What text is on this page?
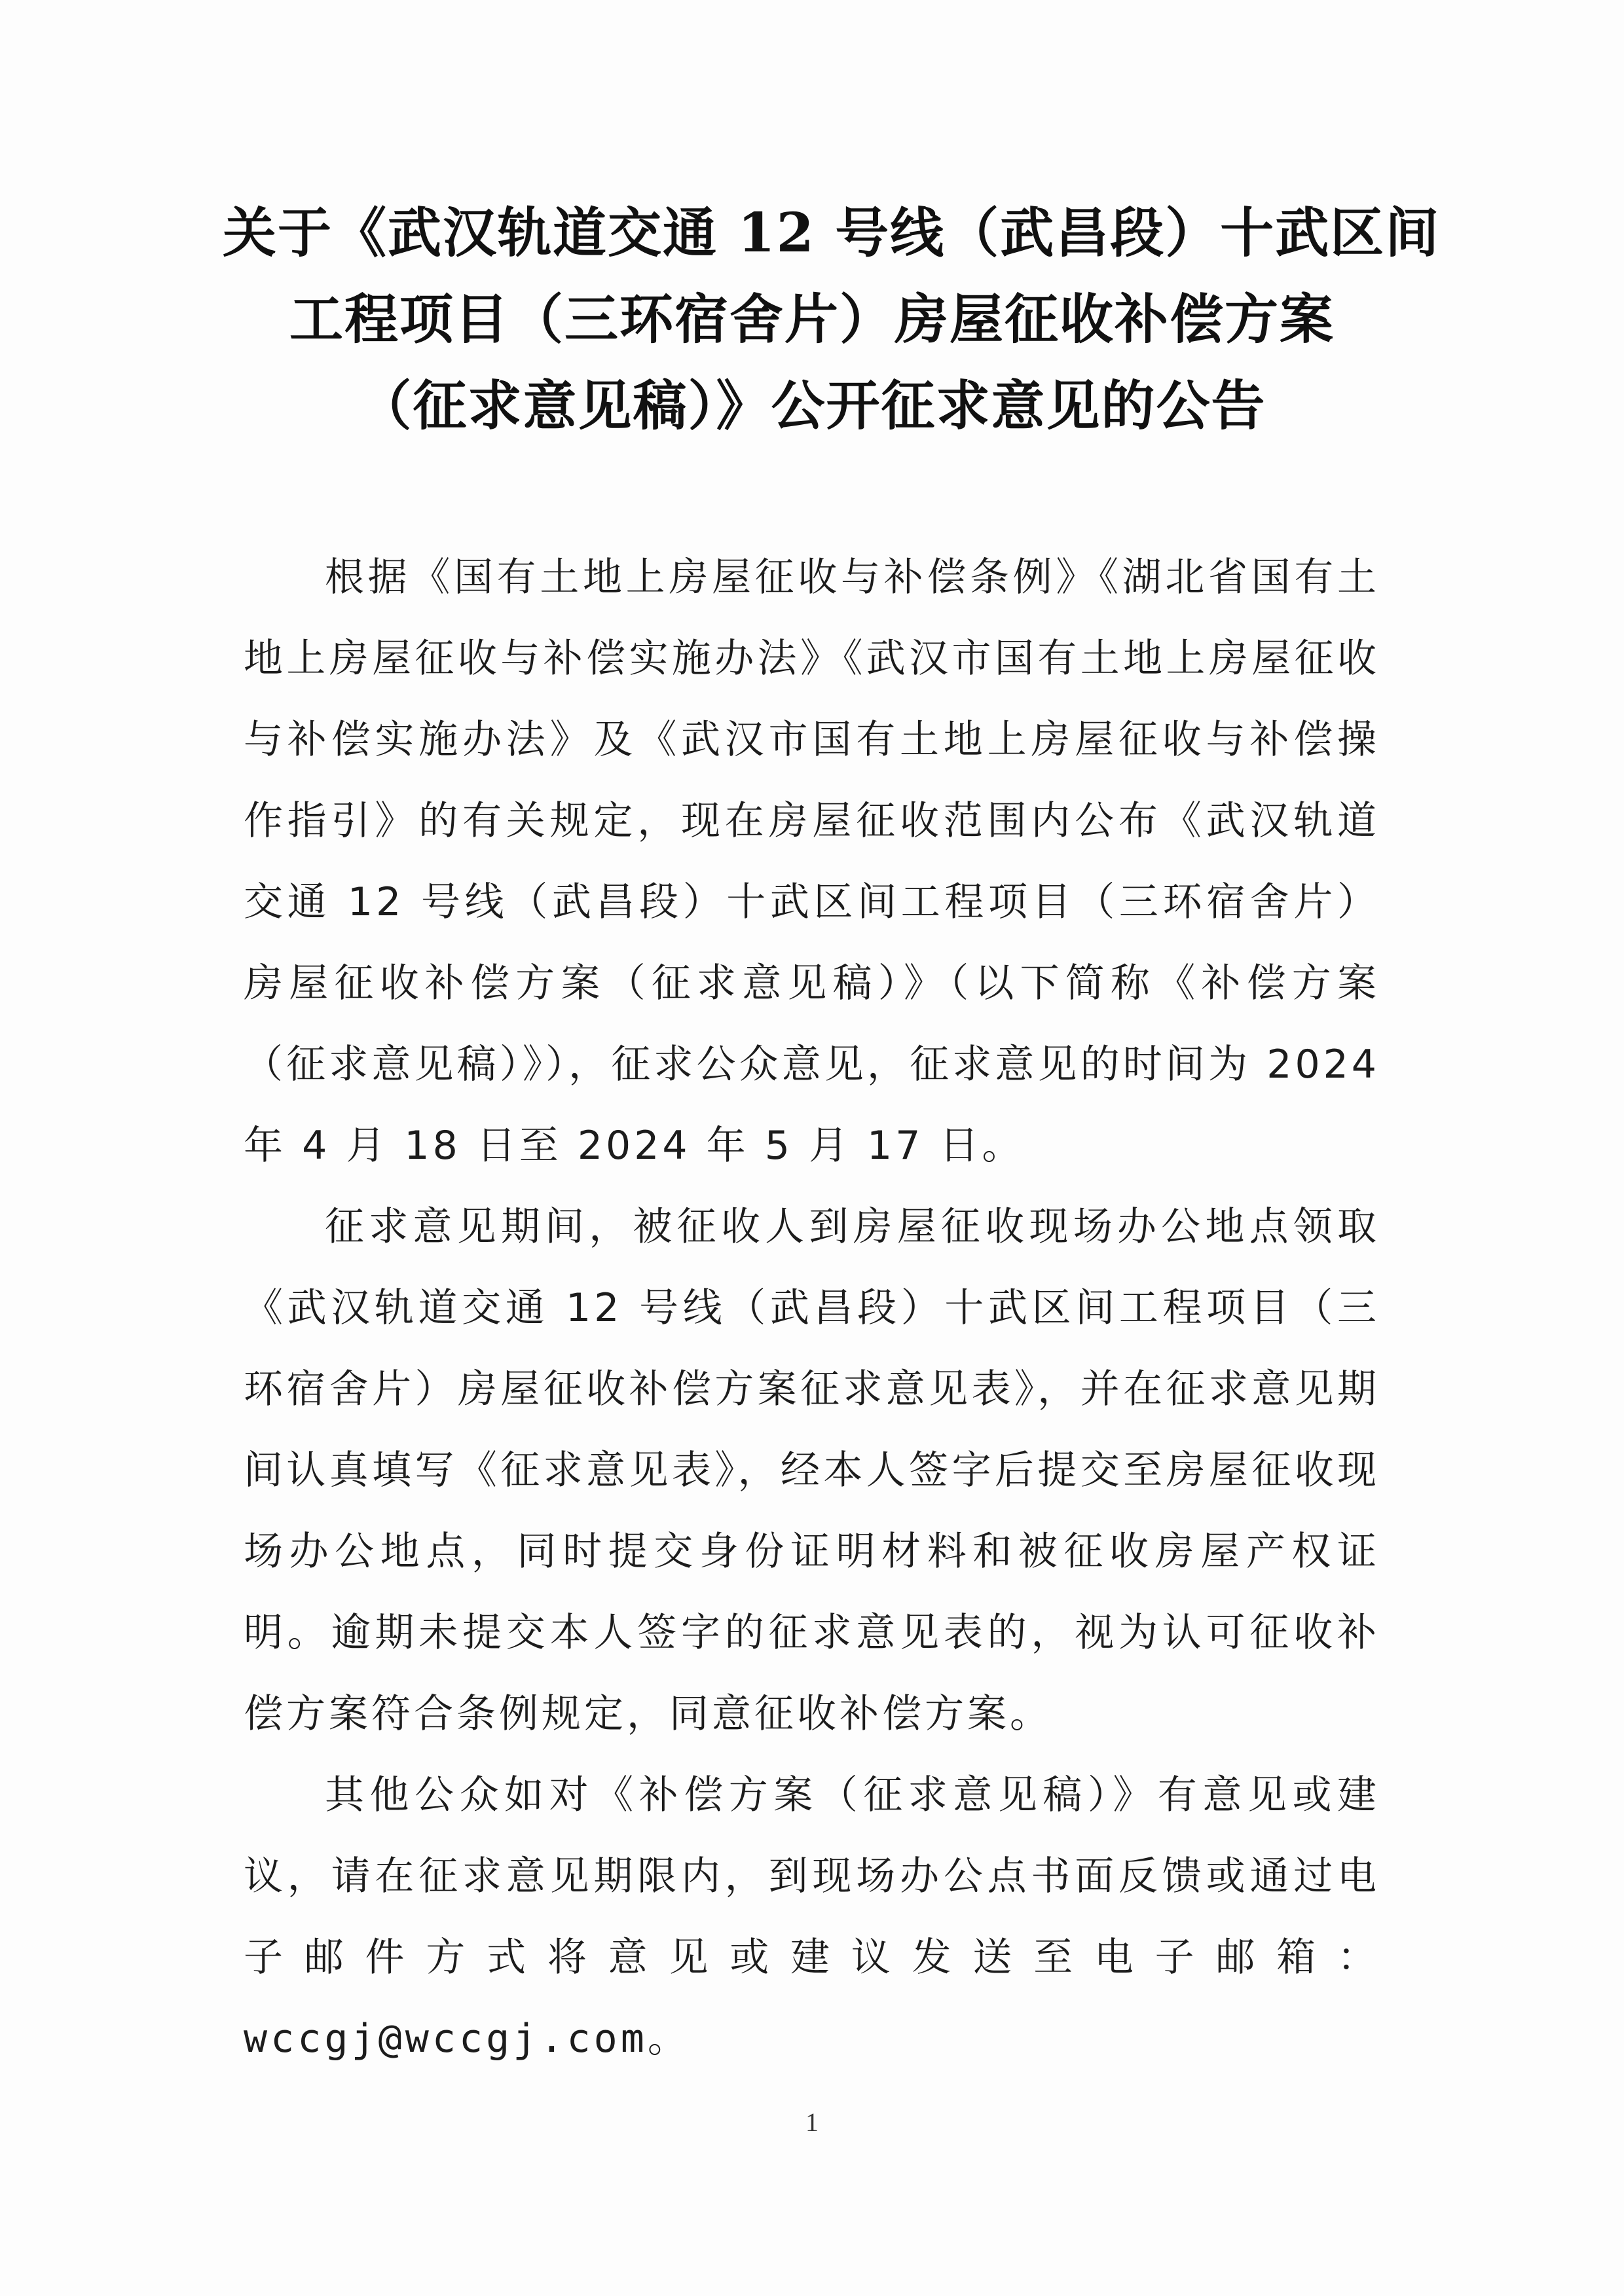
关于《武汉轨道交通 12 号线（武昌段）十武区间
工程项目（三环宿舍片）房屋征收补偿方案
（征求意见稿）》公开征求意见的公告

根据《国有土地上房屋征收与补偿条例》《湖北省国有土地上房屋征收与补偿实施办法》《武汉市国有土地上房屋征收与补偿实施办法》及《武汉市国有土地上房屋征收与补偿操作指引》的有关规定，现在房屋征收范围内公布《武汉轨道交通 12 号线（武昌段）十武区间工程项目（三环宿舍片）房屋征收补偿方案（征求意见稿）》（以下简称《补偿方案（征求意见稿）》），征求公众意见，征求意见的时间为 2024 年 4 月 18 日至 2024 年 5 月 17 日。

征求意见期间，被征收人到房屋征收现场办公地点领取《武汉轨道交通 12 号线（武昌段）十武区间工程项目（三环宿舍片）房屋征收补偿方案征求意见表》，并在征求意见期间认真填写《征求意见表》，经本人签字后提交至房屋征收现场办公地点，同时提交身份证明材料和被征收房屋产权证明。逾期未提交本人签字的征求意见表的，视为认可征收补偿方案符合条例规定，同意征收补偿方案。

其他公众如对《补偿方案（征求意见稿）》有意见或建议，请在征求意见期限内，到现场办公点书面反馈或通过电子邮件方式将意见或建议发送至电子邮箱：wccgj@wccgj.com。

1
